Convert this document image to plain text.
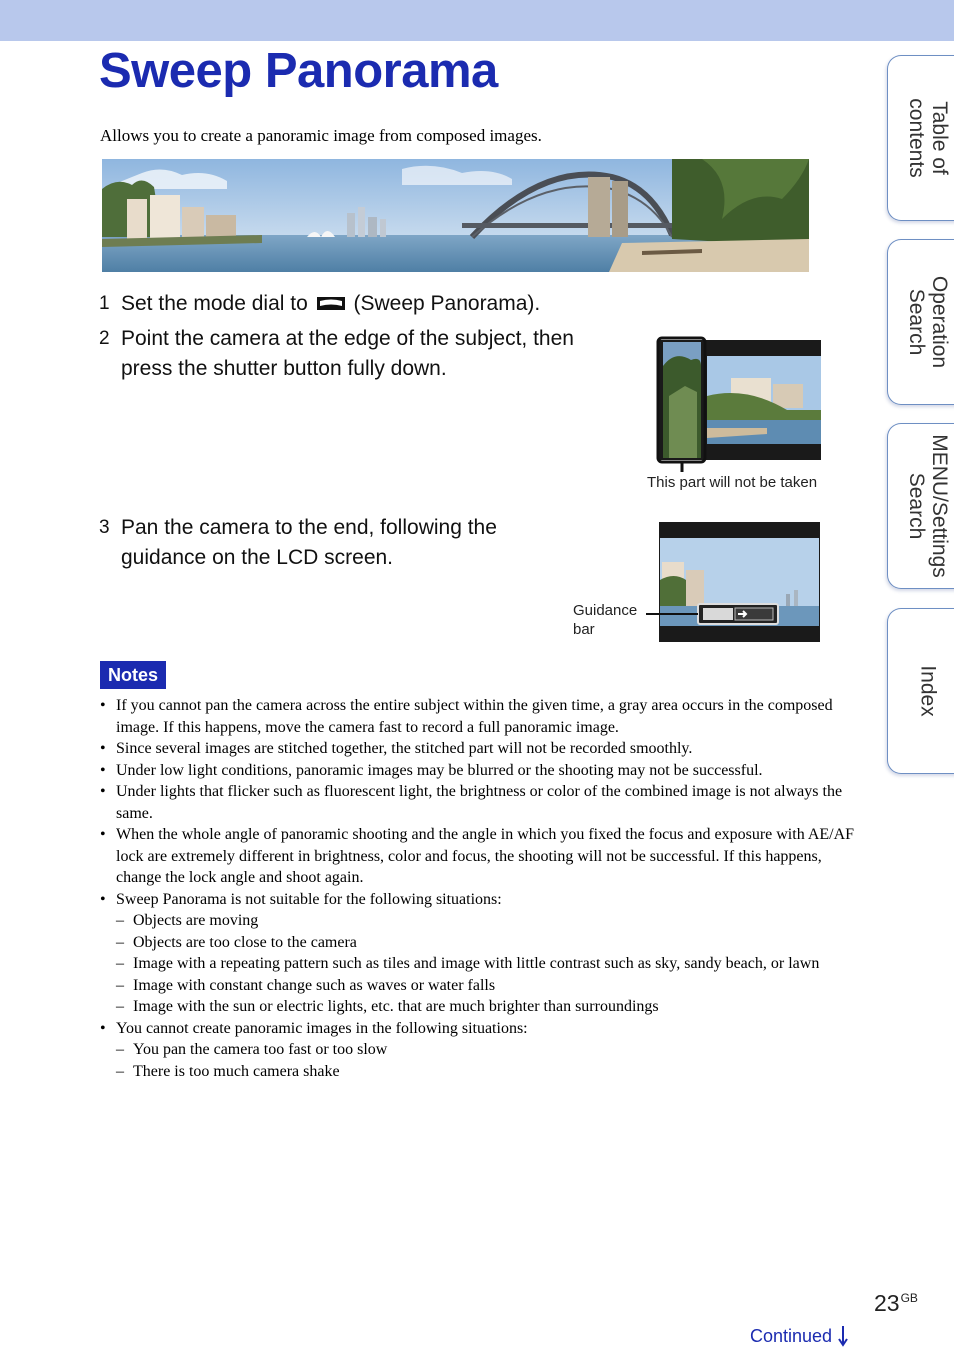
Sweep Panorama
Allows you to create a panoramic image from composed images.
1 Set the mode dial to (Sweep Panorama).
2 Point the camera at the edge of the subject, then
press the shutter button fully down.
This part will not be taken
3 Pan the camera to the end, following the
guidance on the LCD screen.
Guidance
bar
Notes
• If you cannot pan the camera across the entire subject within the given time, a gray area occurs in the composed image. If this happens, move the camera fast to record a full panoramic image.
• Since several images are stitched together, the stitched part will not be recorded smoothly.
• Under low light conditions, panoramic images may be blurred or the shooting may not be successful.
• Under lights that flicker such as fluorescent light, the brightness or color of the combined image is not always the same.
• When the whole angle of panoramic shooting and the angle in which you fixed the focus and exposure with AE/AF lock are extremely different in brightness, color and focus, the shooting will not be successful. If this happens, change the lock angle and shoot again.
• Sweep Panorama is not suitable for the following situations:
– Objects are moving
– Objects are too close to the camera
– Image with a repeating pattern such as tiles and image with little contrast such as sky, sandy beach, or lawn
– Image with constant change such as waves or water falls
– Image with the sun or electric lights, etc. that are much brighter than surroundings
• You cannot create panoramic images in the following situations:
– You pan the camera too fast or too slow
– There is too much camera shake
Table of
contents
Operation
Search
MENU/Settings
Search
Index
$23^{GB}$
Continued
